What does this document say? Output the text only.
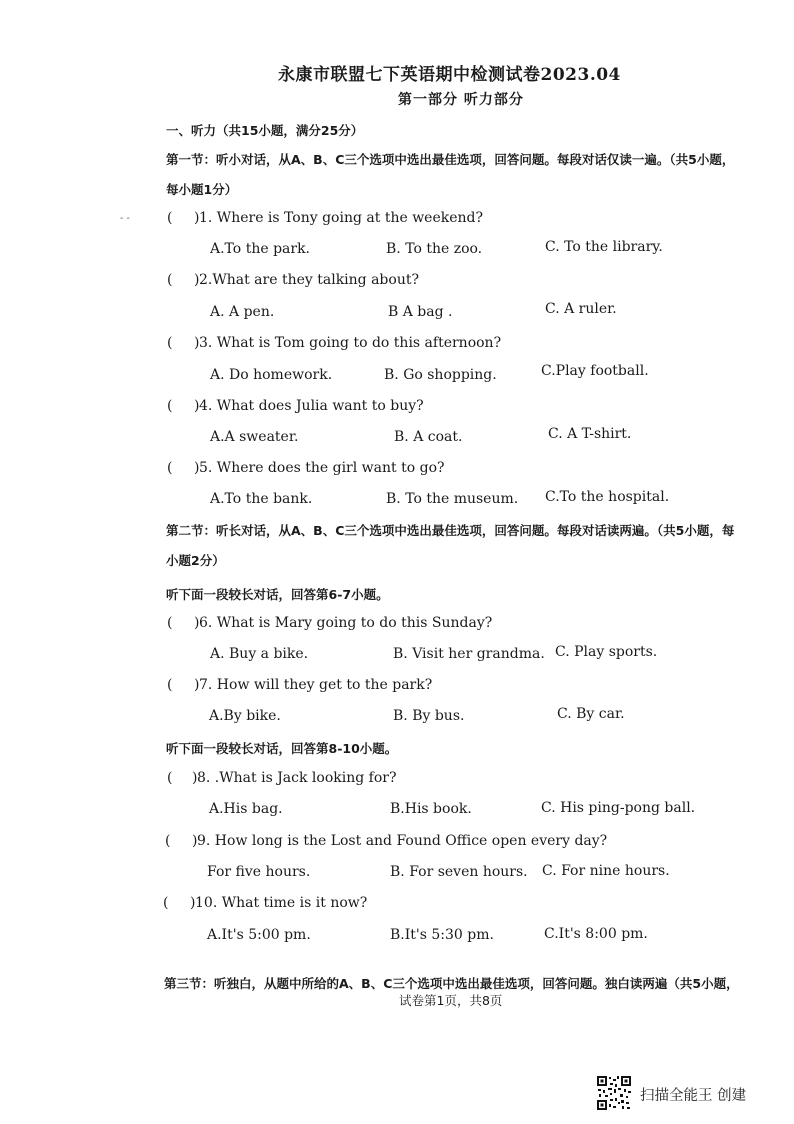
永康市联盟七下英语期中检测试卷2023.04
第一部分 听力部分
一、听力（共15小题，满分25分）
第一节：听小对话，从A、B、C三个选项中选出最佳选项，回答问题。每段对话仅读一遍。（共5小题，
每小题1分）
- -	( ) 1. Where is Tony going at the weekend?
A.To the park.	B. To the zoo.	C. To the library.
( ) 2.What are they talking about?
A. A pen.	B A bag .	C. A ruler.
( ) 3. What is Tom going to do this afternoon?
A. Do homework.	B. Go shopping.	C.Play football.
( ) 4. What does Julia want to buy?
A.A sweater.	B. A coat.	C. A T-shirt.
( ) 5. Where does the girl want to go?
A.To the bank.	B. To the museum. C.To the hospital.
第二节：听长对话，从A、B、C三个选项中选出最佳选项，回答问题。每段对话读两遍。（共5小题，每
小题2分）
听下面一段较长对话，回答第6-7小题。
( ) 6. What is Mary going to do this Sunday?
A. Buy a bike.	B. Visit her grandma. C. Play sports.
( ) 7. How will they get to the park?
A.By bike.	B. By bus.	C. By car.
听下面一段较长对话，回答第8-10小题。
( ) 8. .What is Jack looking for?
A.His bag.	B.His book.	C. His ping-pong ball.
( ) 9. How long is the Lost and Found Office open every day?
For five hours.	B. For seven hours. C. For nine hours.
( ) 10. What time is it now?
A.It's 5:00 pm.	B.It's 5:30 pm.	C.It's 8:00 pm.
第三节：听独白，从题中所给的A、B、C三个选项中选出最佳选项，回答问题。独白读两遍（共5小题，
试卷第1页，共8页
扫描全能王 创建
